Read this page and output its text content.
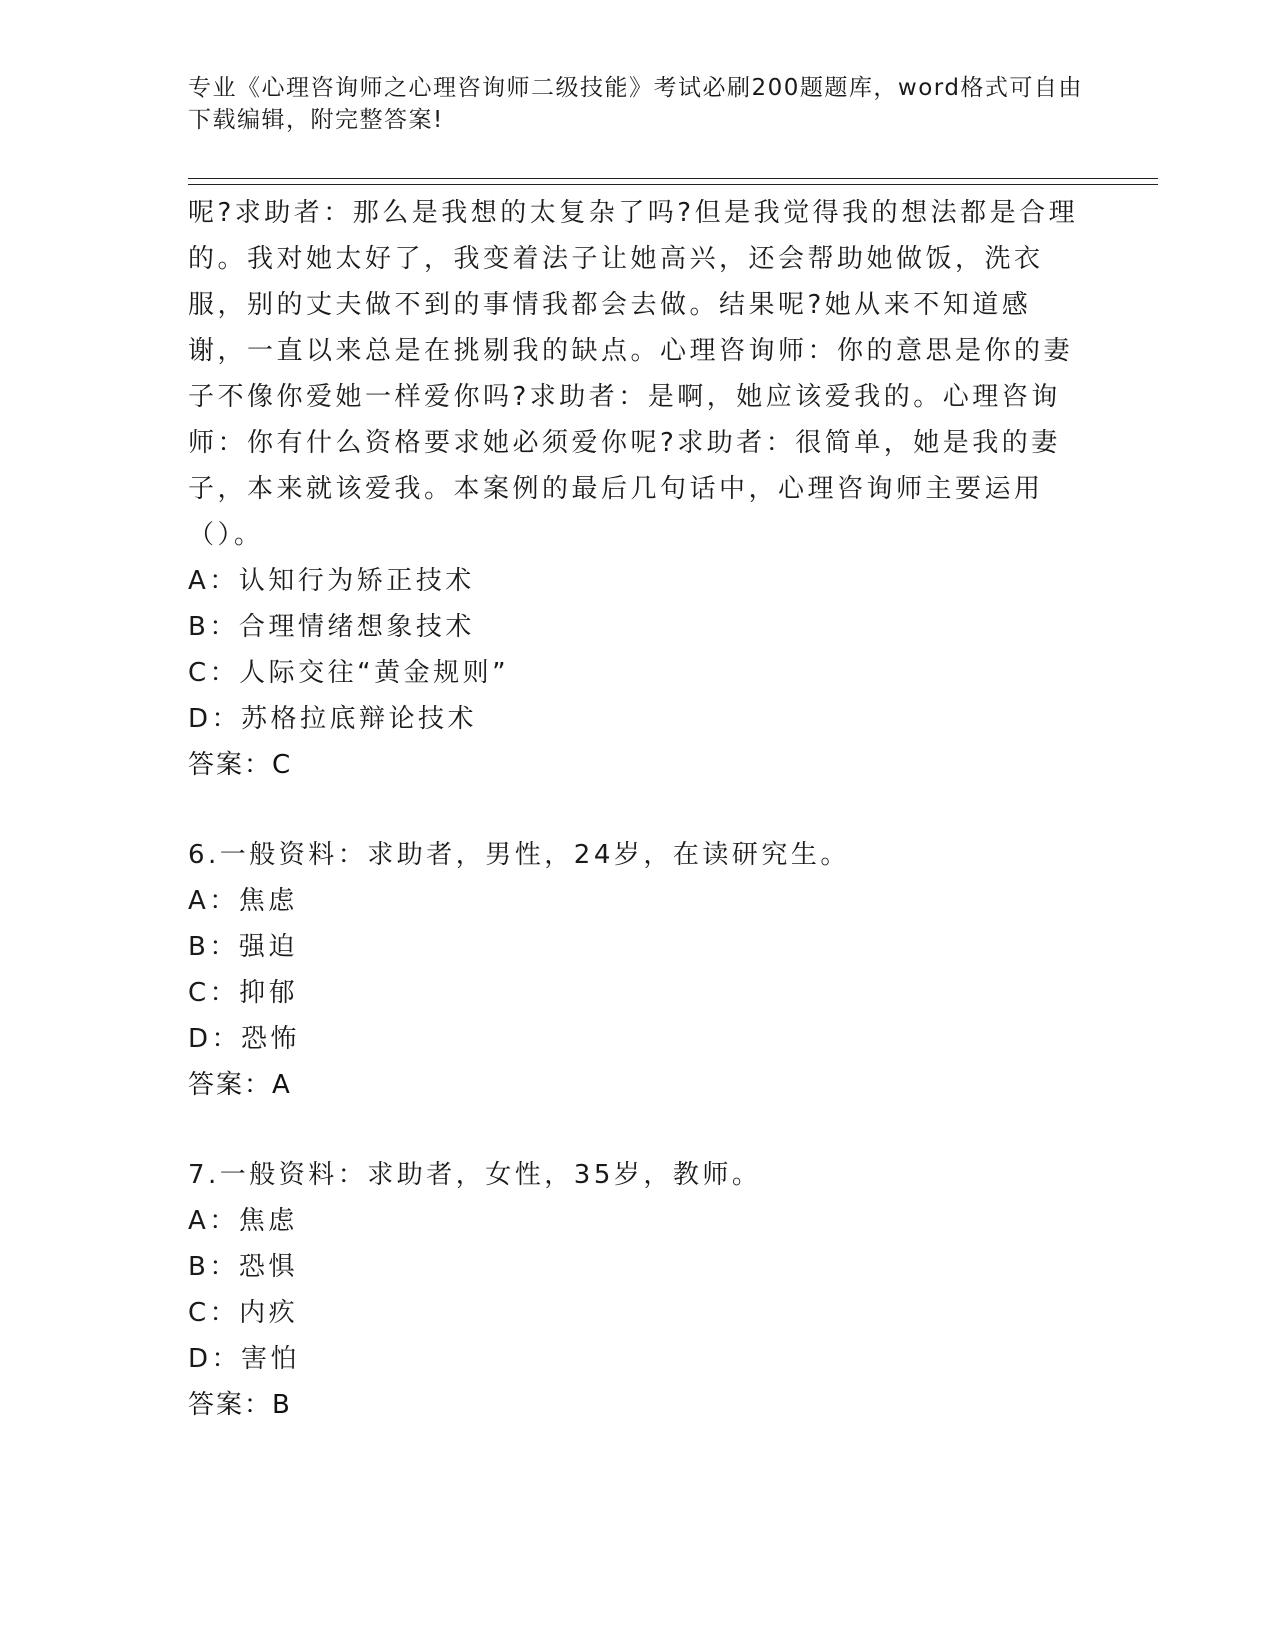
专业《心理咨询师之心理咨询师二级技能》考试必刷200题题库，word格式可自由下载编辑，附完整答案!
呢?求助者：那么是我想的太复杂了吗?但是我觉得我的想法都是合理的。我对她太好了，我变着法子让她高兴，还会帮助她做饭，洗衣服，别的丈夫做不到的事情我都会去做。结果呢?她从来不知道感谢，一直以来总是在挑剔我的缺点。心理咨询师：你的意思是你的妻子不像你爱她一样爱你吗?求助者：是啊，她应该爱我的。心理咨询师：你有什么资格要求她必须爱你呢?求助者：很简单，她是我的妻子，本来就该爱我。本案例的最后几句话中，心理咨询师主要运用（）。
A：认知行为矫正技术
B：合理情绪想象技术
C：人际交往“黄金规则”
D：苏格拉底辩论技术
答案：C
6.一般资料：求助者，男性，24岁，在读研究生。
A：焦虑
B：强迫
C：抑郁
D：恐怖
答案：A
7.一般资料：求助者，女性，35岁，教师。
A：焦虑
B：恐惧
C：内疚
D：害怕
答案：B
